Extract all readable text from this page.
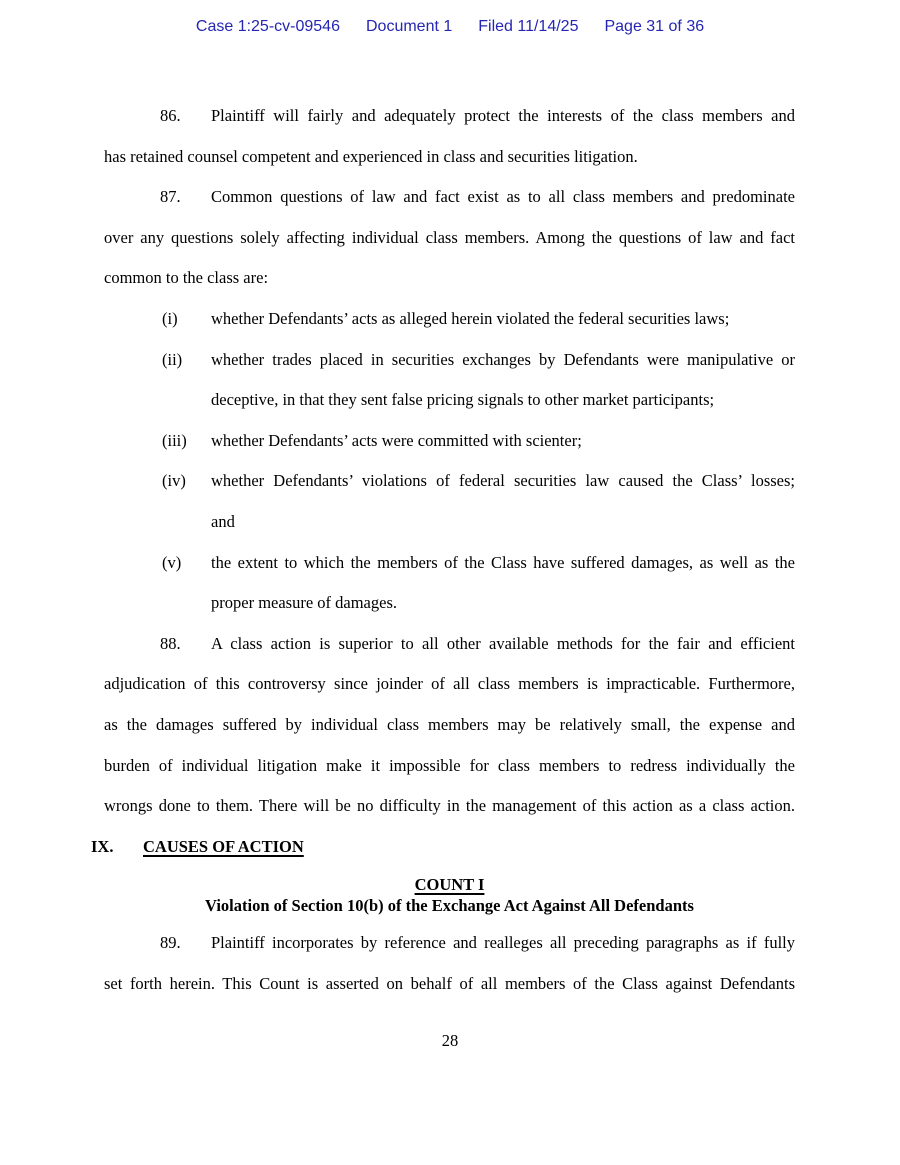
Case 1:25-cv-09546 Document 1 Filed 11/14/25 Page 31 of 36
86. Plaintiff will fairly and adequately protect the interests of the class members and
has retained counsel competent and experienced in class and securities litigation.
87. Common questions of law and fact exist as to all class members and predominate
over any questions solely affecting individual class members. Among the questions of law and fact
common to the class are:
(i) whether Defendants’ acts as alleged herein violated the federal securities laws;
(ii) whether trades placed in securities exchanges by Defendants were manipulative or
deceptive, in that they sent false pricing signals to other market participants;
(iii) whether Defendants’ acts were committed with scienter;
(iv) whether Defendants’ violations of federal securities law caused the Class’ losses;
and
(v) the extent to which the members of the Class have suffered damages, as well as the
proper measure of damages.
88. A class action is superior to all other available methods for the fair and efficient
adjudication of this controversy since joinder of all class members is impracticable. Furthermore,
as the damages suffered by individual class members may be relatively small, the expense and
burden of individual litigation make it impossible for class members to redress individually the
wrongs done to them. There will be no difficulty in the management of this action as a class action.
IX. CAUSES OF ACTION
COUNT I
Violation of Section 10(b) of the Exchange Act Against All Defendants
89. Plaintiff incorporates by reference and realleges all preceding paragraphs as if fully
set forth herein. This Count is asserted on behalf of all members of the Class against Defendants
28
